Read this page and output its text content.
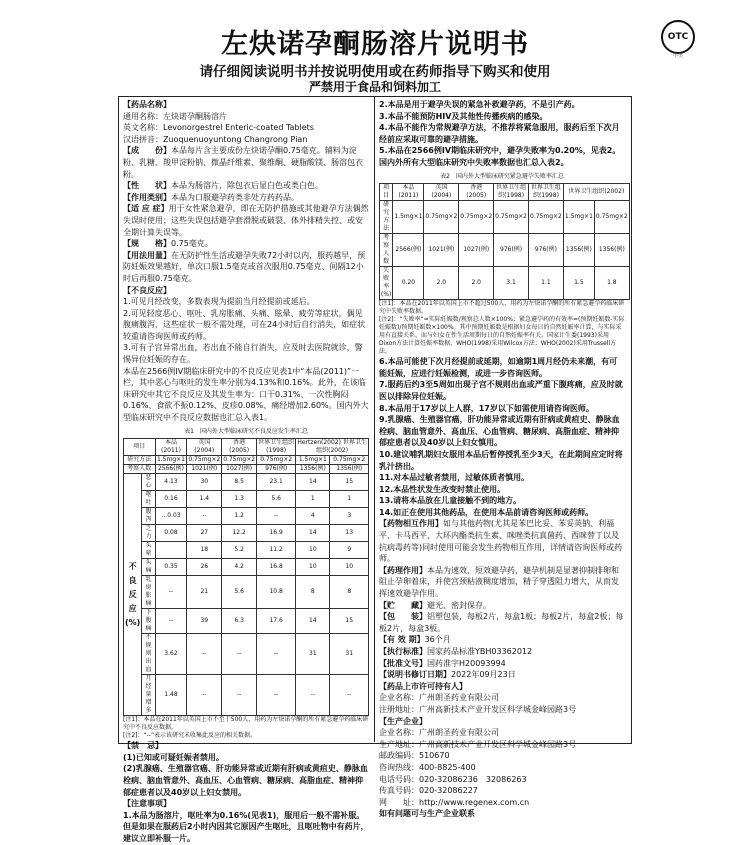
左炔诺孕酮肠溶片说明书
请仔细阅读说明书并按说明使用或在药师指导下购买和使用
严禁用于食品和饲料加工
OTC
甲类

【药品名称】

通用名称：左炔诺孕酮肠溶片

英文名称：Levonorgestrel Enteric-coated Tablets

汉语拼音：Zuoquenuoyuntong Changrong Pian

【成　　份】本品每片含主要成份左炔诺孕酮0.75毫克。辅料为淀粉、乳糖、羧甲淀粉钠、微晶纤维素、聚维酮、硬脂酸镁、肠溶包衣粉。

【性　　状】本品为肠溶片，除包衣后显白色或类白色。

【作用类别】本品为口服避孕药类非处方药药品。

【适 应 症】用于女性紧急避孕，即在无防护措施或其他避孕方法偶然失误时使用；这些失误包括避孕套滑脱或破裂、体外排精失控、或安全期计算失误等。

【规　　格】0.75毫克。

【用法用量】在无防护性生活或避孕失败72小时以内，服药越早，预防妊娠效果越好，单次口服1.5毫克或首次服用0.75毫克、间隔12小时后再服0.75毫克。

【不良反应】

1.可见月经改变，多数表现为提前当月经提前或延后。

2.可见轻度恶心、呕吐、乳房胀痛、头痛、眩晕、疲劳等症状，偶见腹痛腹泻，这些症状一般不需处理，可在24小时后自行消失，如症状较重请咨询医师或药师。

3.可有子宫异常出血，若出血不能自行消失，应及时去医院就诊，警惕异位妊娠的存在。

本品在2566例IV期临床研究中的不良反应见表1中“本品(2011)”一栏，其中恶心与呕吐的发生率分别为4.13%和0.16%。此外，在该临床研究中其它不良反应及其发生率为：口干0.31%、一次性胸闷0.16%、食欲不振0.12%、皮疹0.08%、痛经增加2.60%。国内外大型临床研究中不良反应数据也汇总入表1。

表1　国内外大型临床研究不良反应发生率汇总
项目		本品(2011)	英国(2004)	香港(2005)	世界卫生组织(1998)	Hertzen(2002) 世界卫生组织(2002)	
研究方法		1.5mg×1	0.75mg×2	0.75mg×2	0.75mg×2	1.5mg×1	0.75mg×2
考察人数		2566(例)	1021(例)	1027(例)	976(例)	1356(例)	1356(例)

不
良
反
应
(%)	恶心	4.13	30	8.5	23.1	14	15
	呕吐	0.16	1.4	1.3	5.6	1	1
	腹泻	…0.03	--	1.2	--	4	3
	乏力	0.08	27	12.2	16.9	14	13
	头晕		18	5.2	11.2	10	9
	头痛	0.35	26	4.2	16.8	10	10
	乳房胀痛	--	21	5.6	10.8	8	8
	下腹痛	--	39	6.3	17.6	14	15
	不规则出血	3.62	--	--	--	31	31
	月经量增多	1.48	--	--	--	--	--

[注1]：本品在2011年以英国上市不至于500人，用药为左炔诺孕酮的所有紧急避孕药临床研究中不良反应数据。

[注2]：“--”表示该研究未收集此反应的相关数据。

【禁　忌】

(1)已知或可疑妊娠者禁用。

(2)乳腺癌、生殖器官癌、肝功能异常或近期有肝病或黄疸史、静脉血栓病、脑血管意外、高血压、心血管病、糖尿病、高脂血症、精神抑郁症患者以及40岁以上妇女禁用。

【注意事项】

1.本品为肠溶片，呕吐率为0.16%(见表1)，服用后一般不需补服。但是如果在服药后2小时内因其它原因产生呕吐，且呕吐物中有药片，建议立即补服一片。

2.本品是用于避孕失误的紧急补救避孕药，不是引产药。

3.本品不能预防HIV及其他性传播疾病的感染。

4.本品不能作为常规避孕方法，不推荐将紧急服用，服药后至下次月经前应采取可靠的避孕措施。

5.本品在2566例IV期临床研究中，避孕失败率为0.20%，见表2。国内外所有大型临床研究中失败率数据也汇总入表2。

表2　国内外大型临床研究紧急避孕失败率汇总
项目	本品(2011)	英国(2004)	香港(2005)	世界卫生组织(1998)	世界卫生组织(1998)	世界卫生组织(2002)	
研究方法	1.5mg×1	0.75mg×2	0.75mg×2	0.75mg×2	0.75mg×2	1.5mg×1	0.75mg×2
考察人数	2566(例)	1021(例)	1027(例)	976(例)	976(例)	1356(例)	1356(例)
失败率(%)	0.20	2.0	2.0	3.1	1.1	1.5	1.8

[注1]：本品在2011年以英国上市不超过500人，用药为左炔诺孕酮的所有紧急避孕药临床研究中失败率数据。

[注2]：“失败率”=实际妊娠数/观察总人数×100%；紧急避孕药的有效率=(预期妊娠数-实际妊娠数)/预期妊娠数×100%。其中预期妊娠数是根据妇女每日的自然妊娠率计算，与实际采用有直接关系，而与妇女在性生活周期每日的自然妊娠率有关。国家计生委(1993)采用Dixon方法计算妊娠率数据，WHO(1998)采用Wilcox方法；WHO(2002)采用Trussell方法。

6.本品可能使下次月经提前或延期，如逾期1周月经仍未来潮，有可能妊娠，应进行妊娠检测，或进一步咨询医师。

7.服药后约3至5周如出现子宫不规则出血或严重下腹疼痛，应及时就医以排除异位妊娠。

8.本品用于17岁以上人群，17岁以下如需使用请咨询医师。

9.乳腺癌、生殖器官癌，肝功能异常或近期有肝病或黄疸史、静脉血栓病、脑血管意外、高血压、心血管病、糖尿病、高脂血症、精神抑郁症患者以及40岁以上妇女慎用。

10.建议哺乳期妇女服用本品后暂停授乳至少3天，在此期间应定时将乳汁挤出。

11.对本品过敏者禁用，过敏体质者慎用。

12.本品性状发生改变时禁止使用。

13.请将本品放在儿童接触不到的地方。

14.如正在使用其他药品，在使用本品前请咨询医师或药师。

【药物相互作用】如与其他药物(尤其是苯巴比妥、苯妥英钠、利福平、卡马西平、大环内酯类抗生素、咪唑类抗真菌药、西咪替丁以及抗病毒药等)同时使用可能会发生药物相互作用，详情请咨询医师或药师。

【药理作用】本品为速效、短效避孕药，避孕机制是显著抑制排卵和阻止孕卵着床，并使宫颈粘液稠度增加，精子穿透阻力增大，从而发挥速效避孕作用。

【贮　　藏】避光、密封保存。

【包　　装】铝塑包装，每板2片，每盒1板；每板2片，每盒2板；每板2片，每盒3板。

【有 效 期】36个月

【执行标准】国家药品标准YBH03362012

【批准文号】国药准字H20093994

【说明书修订日期】2022年09月23日

【药品上市许可持有人】

企业名称：广州朗圣药业有限公司

注册地址：广州高新技术产业开发区科学城金峰园路3号

【生产企业】

企业名称：广州朗圣药业有限公司

生产地址：广州高新技术产业开发区科学城金峰园路3号

邮政编码：510670

咨询热线：400-8825-400

电话号码：020-32086236　32086263

传真号码：020-32086227

网　　址：http://www.regenex.com.cn

如有问题可与生产企业联系
